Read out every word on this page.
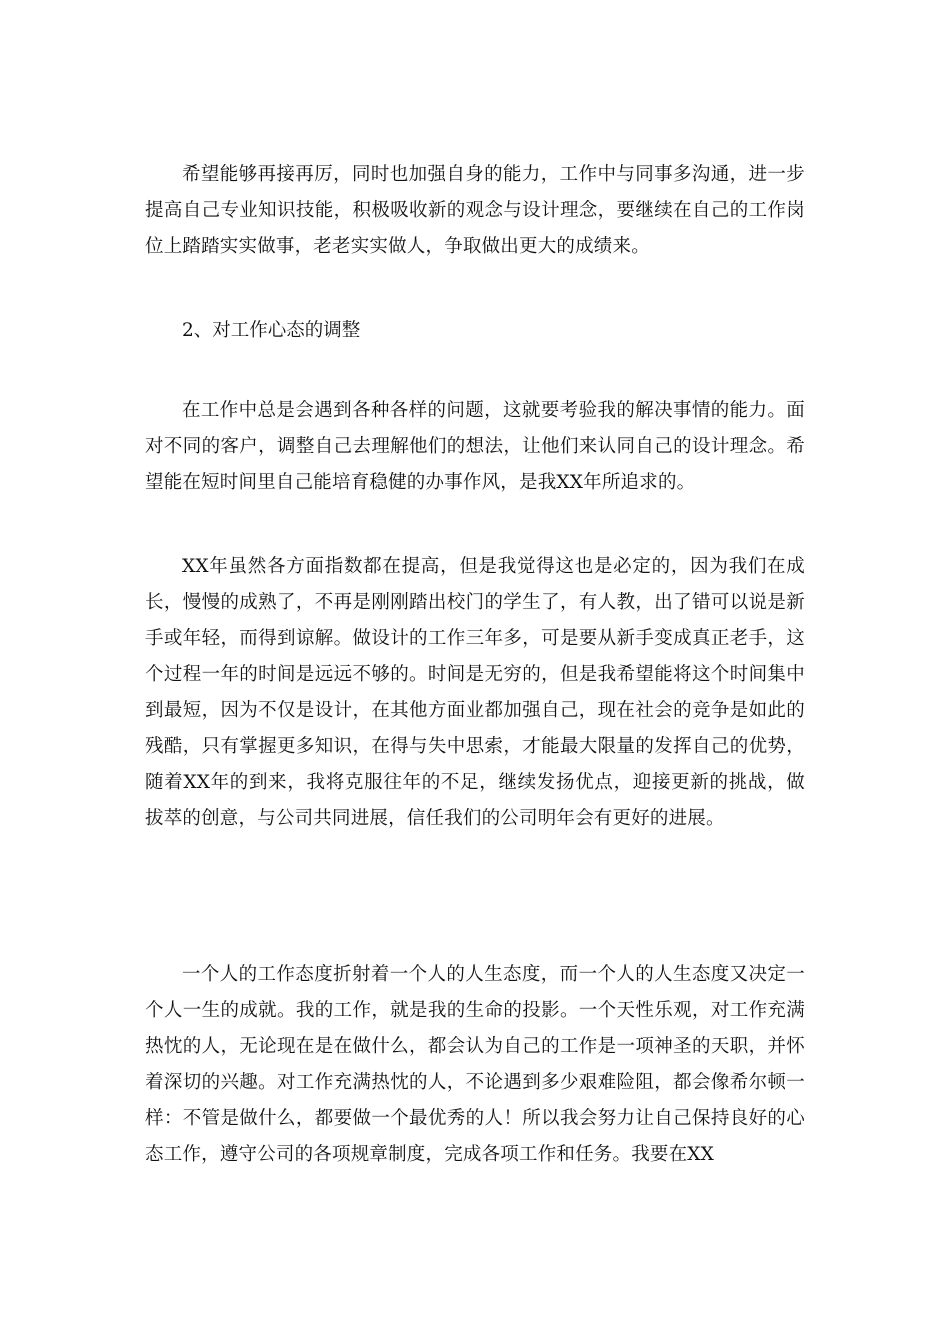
希望能够再接再厉，同时也加强自身的能力，工作中与同事多沟通，进一步提高自己专业知识技能，积极吸收新的观念与设计理念，要继续在自己的工作岗位上踏踏实实做事，老老实实做人，争取做出更大的成绩来。

2、对工作心态的调整

在工作中总是会遇到各种各样的问题，这就要考验我的解决事情的能力。面对不同的客户，调整自己去理解他们的想法，让他们来认同自己的设计理念。希望能在短时间里自己能培育稳健的办事作风，是我XX年所追求的。

XX年虽然各方面指数都在提高，但是我觉得这也是必定的，因为我们在成长，慢慢的成熟了，不再是刚刚踏出校门的学生了，有人教，出了错可以说是新手或年轻，而得到谅解。做设计的工作三年多，可是要从新手变成真正老手，这个过程一年的时间是远远不够的。时间是无穷的，但是我希望能将这个时间集中到最短，因为不仅是设计，在其他方面业都加强自己，现在社会的竞争是如此的残酷，只有掌握更多知识，在得与失中思索，才能最大限量的发挥自己的优势，随着XX年的到来，我将克服往年的不足，继续发扬优点，迎接更新的挑战，做拔萃的创意，与公司共同进展，信任我们的公司明年会有更好的进展。

一个人的工作态度折射着一个人的人生态度，而一个人的人生态度又决定一个人一生的成就。我的工作，就是我的生命的投影。一个天性乐观，对工作充满热忱的人，无论现在是在做什么，都会认为自己的工作是一项神圣的天职，并怀着深切的兴趣。对工作充满热忱的人，不论遇到多少艰难险阻，都会像希尔顿一样：不管是做什么，都要做一个最优秀的人！所以我会努力让自己保持良好的心态工作，遵守公司的各项规章制度，完成各项工作和任务。我要在XX
